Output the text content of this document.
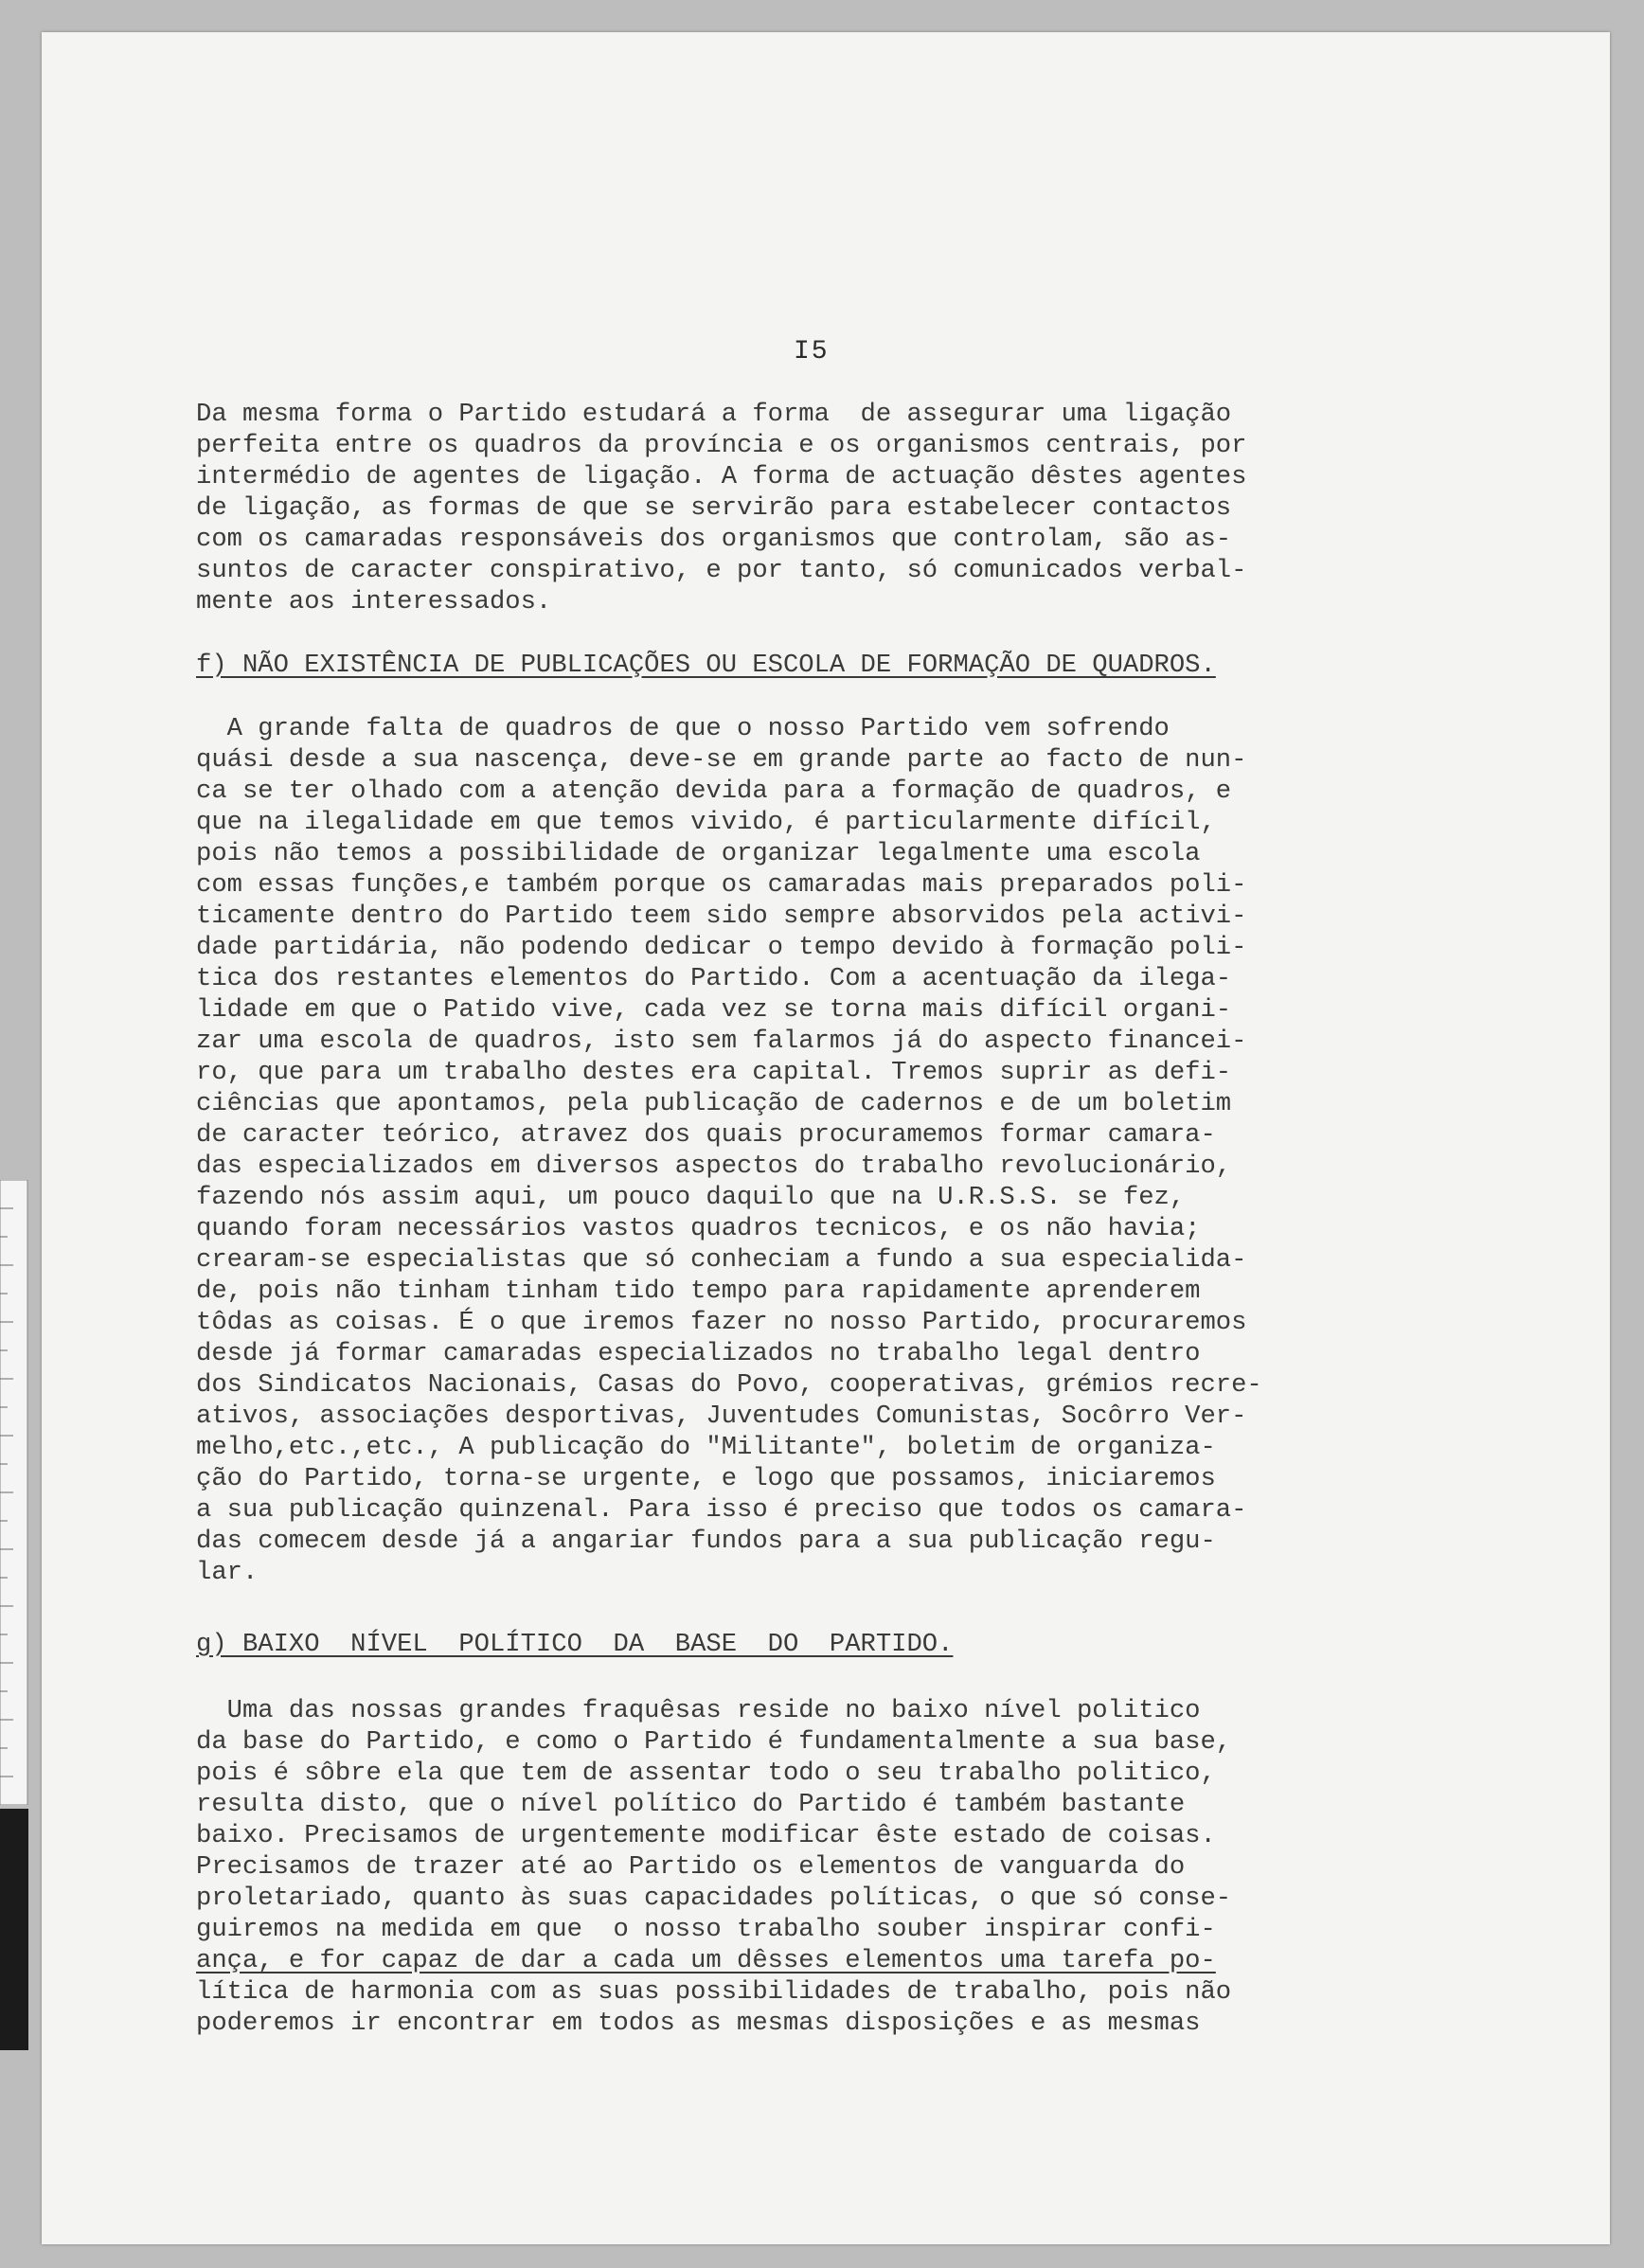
I5
Da mesma forma o Partido estudará a forma  de assegurar uma ligação
perfeita entre os quadros da província e os organismos centrais, por
intermédio de agentes de ligação. A forma de actuação dêstes agentes
de ligação, as formas de que se servirão para estabelecer contactos
com os camaradas responsáveis dos organismos que controlam, são as-
suntos de caracter conspirativo, e por tanto, só comunicados verbal-
mente aos interessados.
f) NÃO EXISTÊNCIA DE PUBLICAÇÕES OU ESCOLA DE FORMAÇÃO DE QUADROS.
A grande falta de quadros de que o nosso Partido vem sofrendo
quási desde a sua nascença, deve-se em grande parte ao facto de nun-
ca se ter olhado com a atenção devida para a formação de quadros, e
que na ilegalidade em que temos vivido, é particularmente difícil,
pois não temos a possibilidade de organizar legalmente uma escola
com essas funções,e também porque os camaradas mais preparados poli-
ticamente dentro do Partido teem sido sempre absorvidos pela activi-
dade partidária, não podendo dedicar o tempo devido à formação poli-
tica dos restantes elementos do Partido. Com a acentuação da ilega-
lidade em que o Patido vive, cada vez se torna mais difícil organi-
zar uma escola de quadros, isto sem falarmos já do aspecto financei-
ro, que para um trabalho destes era capital. Tremos suprir as defi-
ciências que apontamos, pela publicação de cadernos e de um boletim
de caracter teórico, atravez dos quais procuramemos formar camara-
das especializados em diversos aspectos do trabalho revolucionário,
fazendo nós assim aqui, um pouco daquilo que na U.R.S.S. se fez,
quando foram necessários vastos quadros tecnicos, e os não havia;
crearam-se especialistas que só conheciam a fundo a sua especialida-
de, pois não tinham tinham tido tempo para rapidamente aprenderem
tôdas as coisas. É o que iremos fazer no nosso Partido, procuraremos
desde já formar camaradas especializados no trabalho legal dentro
dos Sindicatos Nacionais, Casas do Povo, cooperativas, grémios recre-
ativos, associações desportivas, Juventudes Comunistas, Socôrro Ver-
melho,etc.,etc., A publicação do "Militante", boletim de organiza-
ção do Partido, torna-se urgente, e logo que possamos, iniciaremos
a sua publicação quinzenal. Para isso é preciso que todos os camara-
das comecem desde já a angariar fundos para a sua publicação regu-
lar.
g) BAIXO  NÍVEL  POLÍTICO  DA  BASE  DO  PARTIDO.
Uma das nossas grandes fraquêsas reside no baixo nível politico
da base do Partido, e como o Partido é fundamentalmente a sua base,
pois é sôbre ela que tem de assentar todo o seu trabalho politico,
resulta disto, que o nível político do Partido é também bastante
baixo. Precisamos de urgentemente modificar êste estado de coisas.
Precisamos de trazer até ao Partido os elementos de vanguarda do
proletariado, quanto às suas capacidades políticas, o que só conse-
guiremos na medida em que  o nosso trabalho souber inspirar confi-
ança, e for capaz de dar a cada um dêsses elementos uma tarefa po-
lítica de harmonia com as suas possibilidades de trabalho, pois não
poderemos ir encontrar em todos as mesmas disposições e as mesmas
